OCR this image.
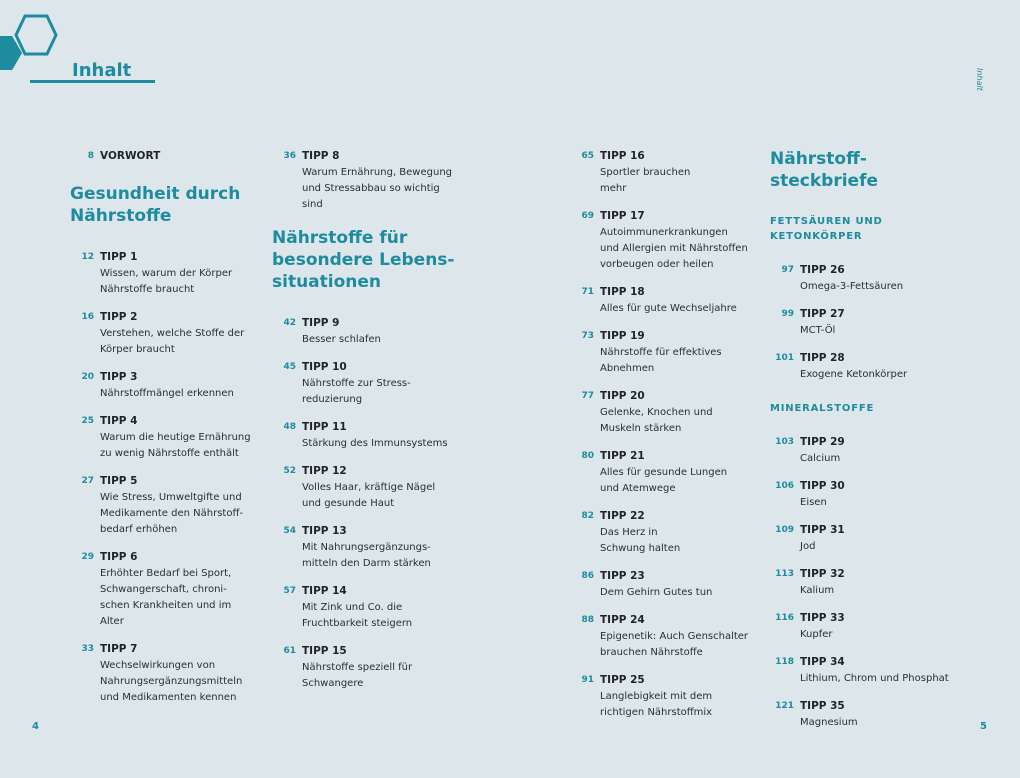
Inhalt	Inhalt
4	5
8 VORWORT
Gesundheit durch Nährstoffe
12 TIPP 1
Wissen, warum der Körper
Nährstoffe braucht
16 TIPP 2
Verstehen, welche Stoffe der
Körper braucht
20 TIPP 3
Nährstoffmängel erkennen
25 TIPP 4
Warum die heutige Ernährung
zu wenig Nährstoffe enthält
27 TIPP 5
Wie Stress, Umweltgifte und
Medikamente den Nährstoff-
bedarf erhöhen
29 TIPP 6
Erhöhter Bedarf bei Sport,
Schwangerschaft, chroni-
schen Krankheiten und im
Alter
33 TIPP 7
Wechselwirkungen von
Nahrungsergänzungsmitteln
und Medikamenten kennen
36 TIPP 8
Warum Ernährung, Bewegung
und Stressabbau so wichtig
sind
Nährstoffe für
besondere Lebens-
situationen
42 TIPP 9
Besser schlafen
45 TIPP 10
Nährstoffe zur Stress-
reduzierung
48 TIPP 11
Stärkung des Immunsystems
52 TIPP 12
Volles Haar, kräftige Nägel
und gesunde Haut
54 TIPP 13
Mit Nahrungsergänzungs-
mitteln den Darm stärken
57 TIPP 14
Mit Zink und Co. die
Fruchtbarkeit steigern
61 TIPP 15
Nährstoffe speziell für
Schwangere
65 TIPP 16
Sportler brauchen
mehr
69 TIPP 17
Autoimmunerkrankungen
und Allergien mit Nährstoffen
vorbeugen oder heilen
71 TIPP 18
Alles für gute Wechseljahre
73 TIPP 19
Nährstoffe für effektives
Abnehmen
77 TIPP 20
Gelenke, Knochen und
Muskeln stärken
80 TIPP 21
Alles für gesunde Lungen
und Atemwege
82 TIPP 22
Das Herz in
Schwung halten
86 TIPP 23
Dem Gehirn Gutes tun
88 TIPP 24
Epigenetik: Auch Genschalter
brauchen Nährstoffe
91 TIPP 25
Langlebigkeit mit dem
richtigen Nährstoffmix
Nährstoff-
steckbriefe
FETTSÄUREN UND
KETONKÖRPER
97 TIPP 26
Omega-3-Fettsäuren
99 TIPP 27
MCT-Öl
101 TIPP 28
Exogene Ketonkörper
MINERALSTOFFE
103 TIPP 29
Calcium
106 TIPP 30
Eisen
109 TIPP 31
Jod
113 TIPP 32
Kalium
116 TIPP 33
Kupfer
118 TIPP 34
Lithium, Chrom und Phosphat
121 TIPP 35
Magnesium
